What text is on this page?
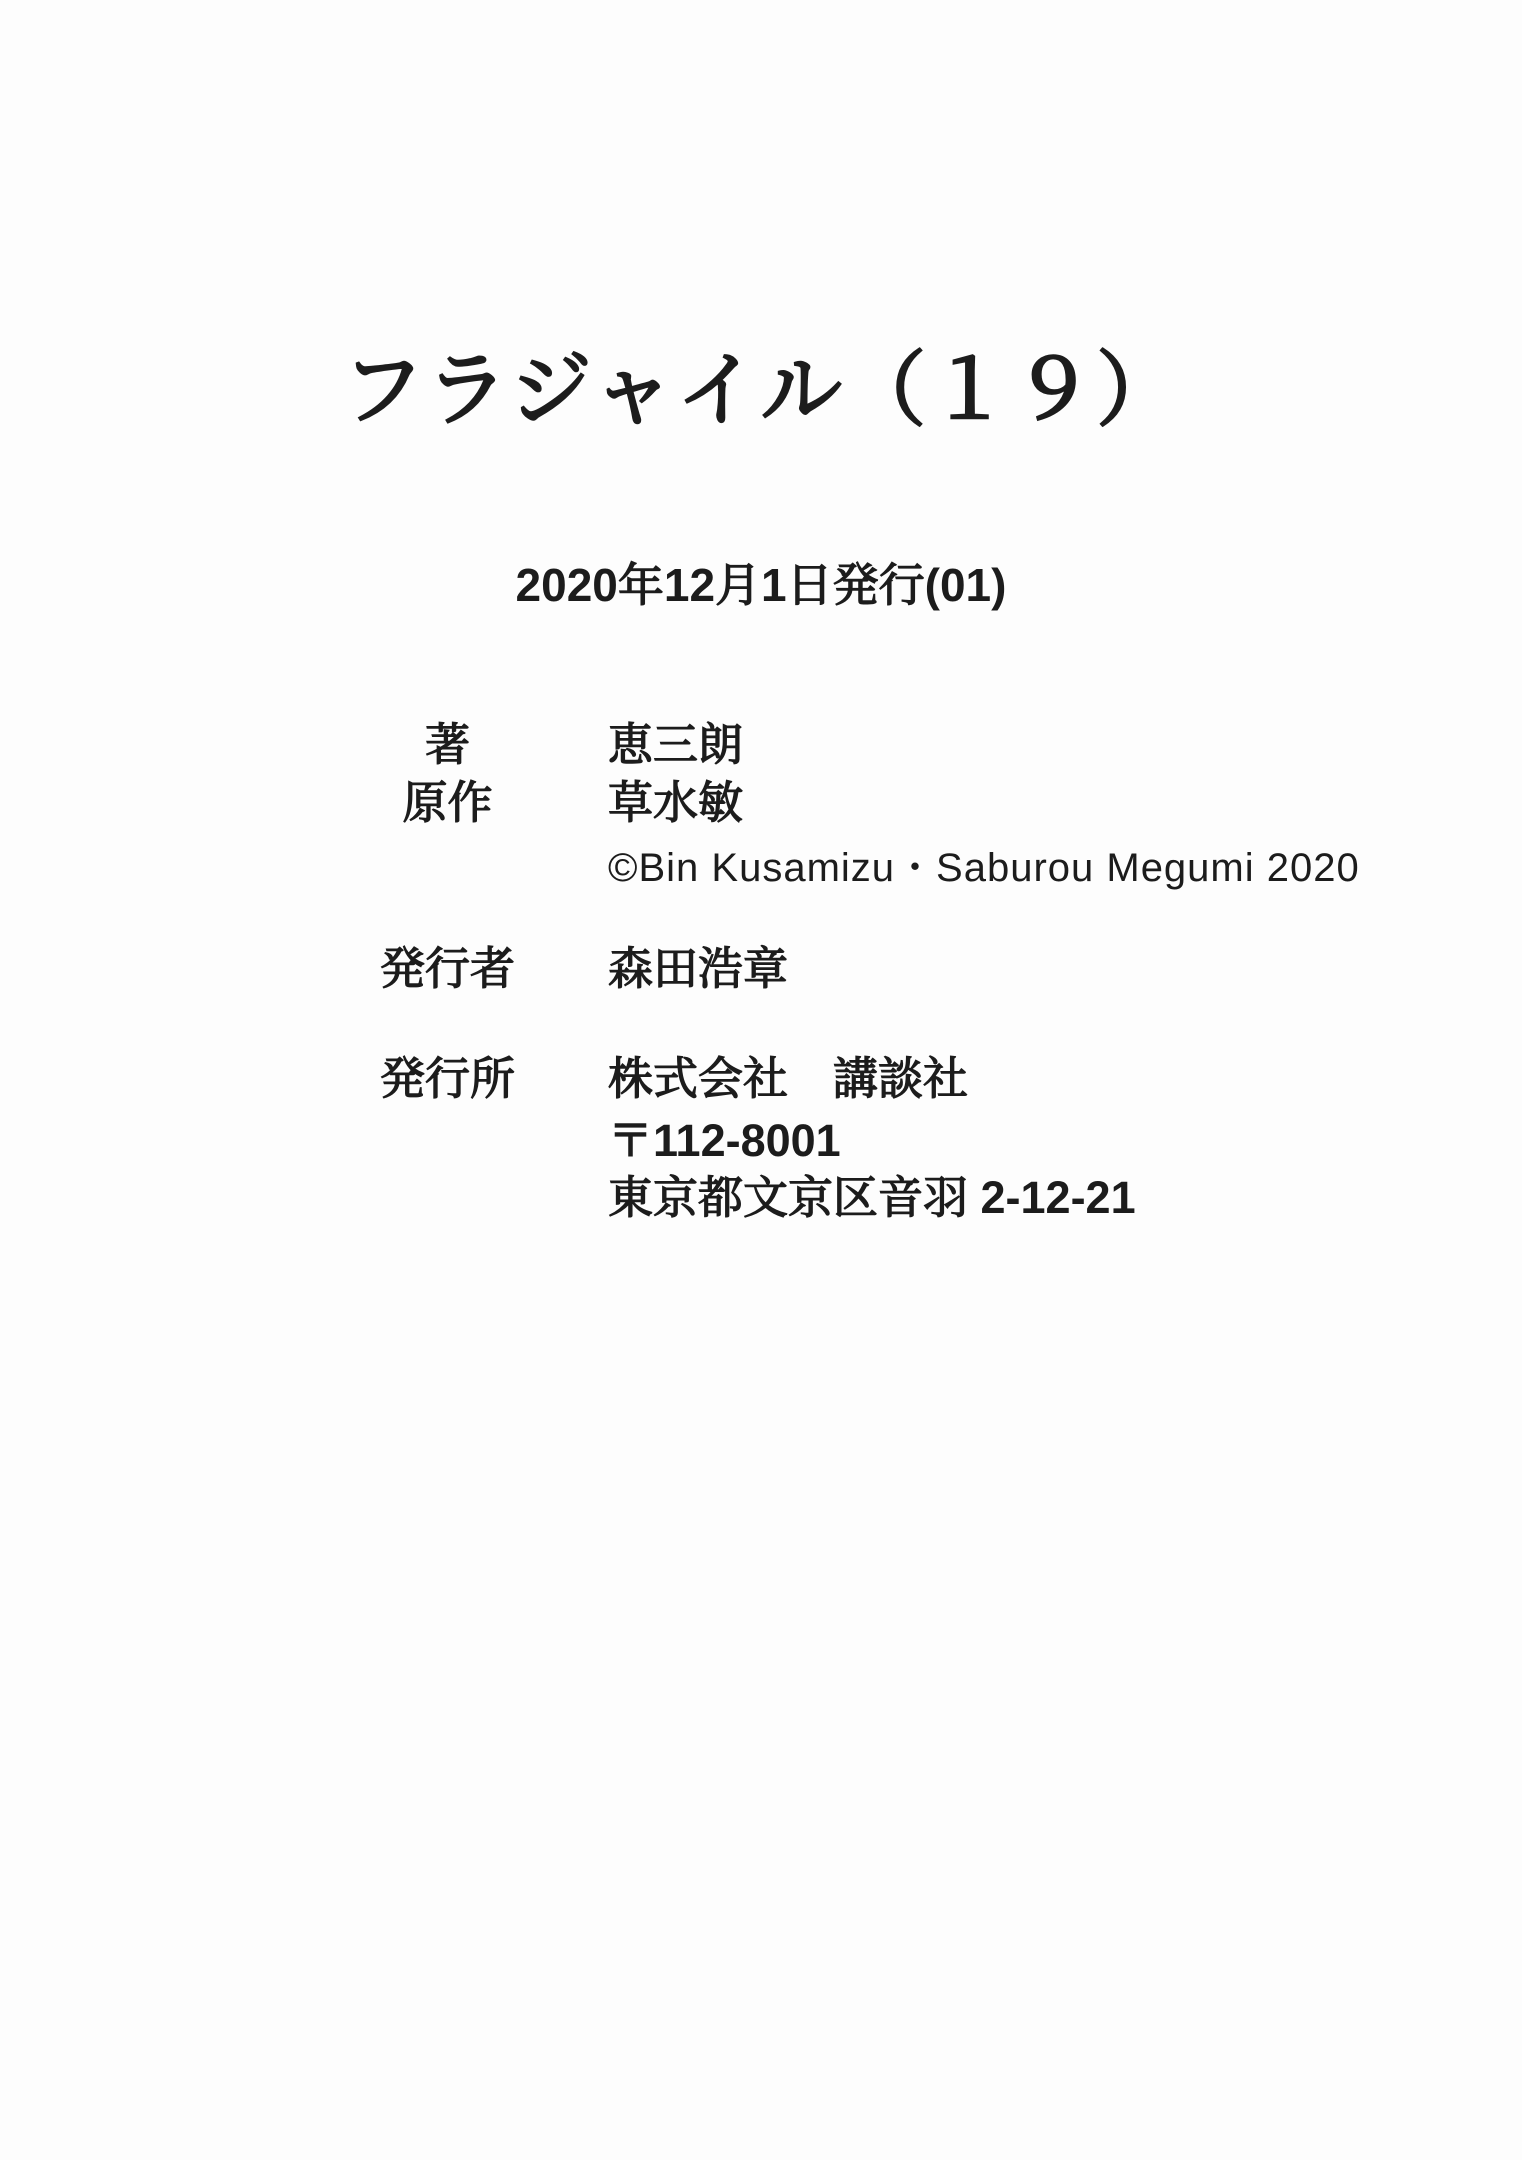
フラジャイル（１９）
2020年12月1日発行(01)
著	恵三朗
原作	草水敏
©Bin Kusamizu・Saburou Megumi 2020
発行者 森田浩章
発行所 株式会社　講談社
〒112-8001
東京都文京区音羽 2-12-21
